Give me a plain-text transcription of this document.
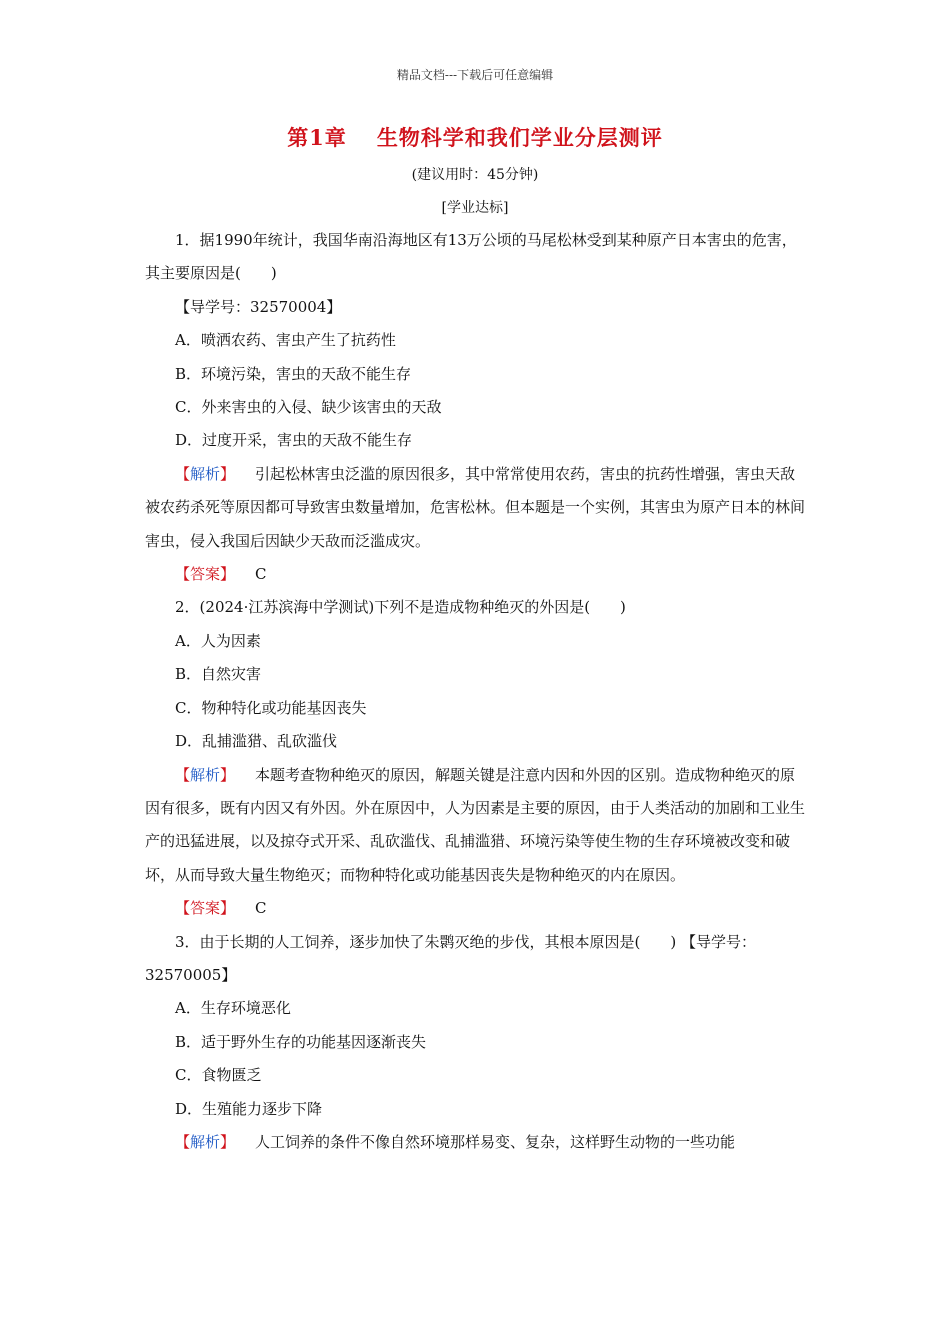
精品文档---下载后可任意编辑
第1章 生物科学和我们学业分层测评
(建议用时：45分钟)
[学业达标]

1．据1990年统计，我国华南沿海地区有13万公顷的马尾松林受到某种原产日本害虫的危害，其主要原因是(　　)

【导学号：32570004】

A．喷洒农药、害虫产生了抗药性

B．环境污染，害虫的天敌不能生存

C．外来害虫的入侵、缺少该害虫的天敌

D．过度开采，害虫的天敌不能生存

【解析】 引起松林害虫泛滥的原因很多，其中常常使用农药，害虫的抗药性增强，害虫天敌被农药杀死等原因都可导致害虫数量增加，危害松林。但本题是一个实例，其害虫为原产日本的林间害虫，侵入我国后因缺少天敌而泛滥成灾。

【答案】 C

2．(2024·江苏滨海中学测试)下列不是造成物种绝灭的外因是(　　)

A．人为因素

B．自然灾害

C．物种特化或功能基因丧失

D．乱捕滥猎、乱砍滥伐

【解析】 本题考查物种绝灭的原因，解题关键是注意内因和外因的区别。造成物种绝灭的原因有很多，既有内因又有外因。外在原因中，人为因素是主要的原因，由于人类活动的加剧和工业生产的迅猛进展，以及掠夺式开采、乱砍滥伐、乱捕滥猎、环境污染等使生物的生存环境被改变和破坏，从而导致大量生物绝灭；而物种特化或功能基因丧失是物种绝灭的内在原因。

【答案】 C

3．由于长期的人工饲养，逐步加快了朱鹮灭绝的步伐，其根本原因是(　　) 【导学号：32570005】

A．生存环境恶化

B．适于野外生存的功能基因逐渐丧失

C．食物匮乏

D．生殖能力逐步下降

【解析】 人工饲养的条件不像自然环境那样易变、复杂，这样野生动物的一些功能
